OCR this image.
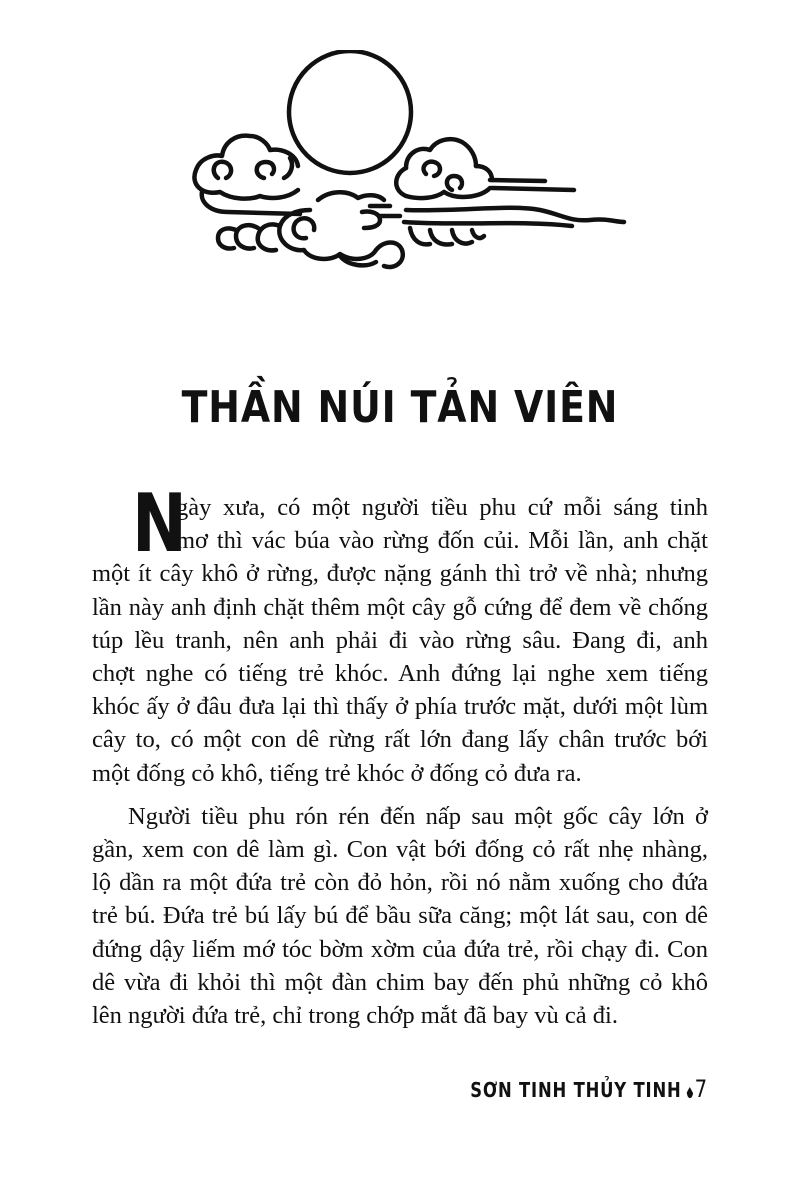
THẦN NÚI TẢN VIÊN
N
gày xưa, có một người tiều phu cứ mỗi sáng tinh
mơ thì vác búa vào rừng đốn củi. Mỗi lần, anh chặt
một ít cây khô ở rừng, được nặng gánh thì trở về nhà; nhưng
lần này anh định chặt thêm một cây gỗ cứng để đem về chống
túp lều tranh, nên anh phải đi vào rừng sâu. Đang đi, anh
chợt nghe có tiếng trẻ khóc. Anh đứng lại nghe xem tiếng
khóc ấy ở đâu đưa lại thì thấy ở phía trước mặt, dưới một lùm
cây to, có một con dê rừng rất lớn đang lấy chân trước bới
một đống cỏ khô, tiếng trẻ khóc ở đống cỏ đưa ra.
Người tiều phu rón rén đến nấp sau một gốc cây lớn ở
gần, xem con dê làm gì. Con vật bới đống cỏ rất nhẹ nhàng,
lộ dần ra một đứa trẻ còn đỏ hỏn, rồi nó nằm xuống cho đứa
trẻ bú. Đứa trẻ bú lấy bú để bầu sữa căng; một lát sau, con dê
đứng dậy liếm mớ tóc bờm xờm của đứa trẻ, rồi chạy đi. Con
dê vừa đi khỏi thì một đàn chim bay đến phủ những cỏ khô
lên người đứa trẻ, chỉ trong chớp mắt đã bay vù cả đi.
SƠN TINH THỦY TINH 7
